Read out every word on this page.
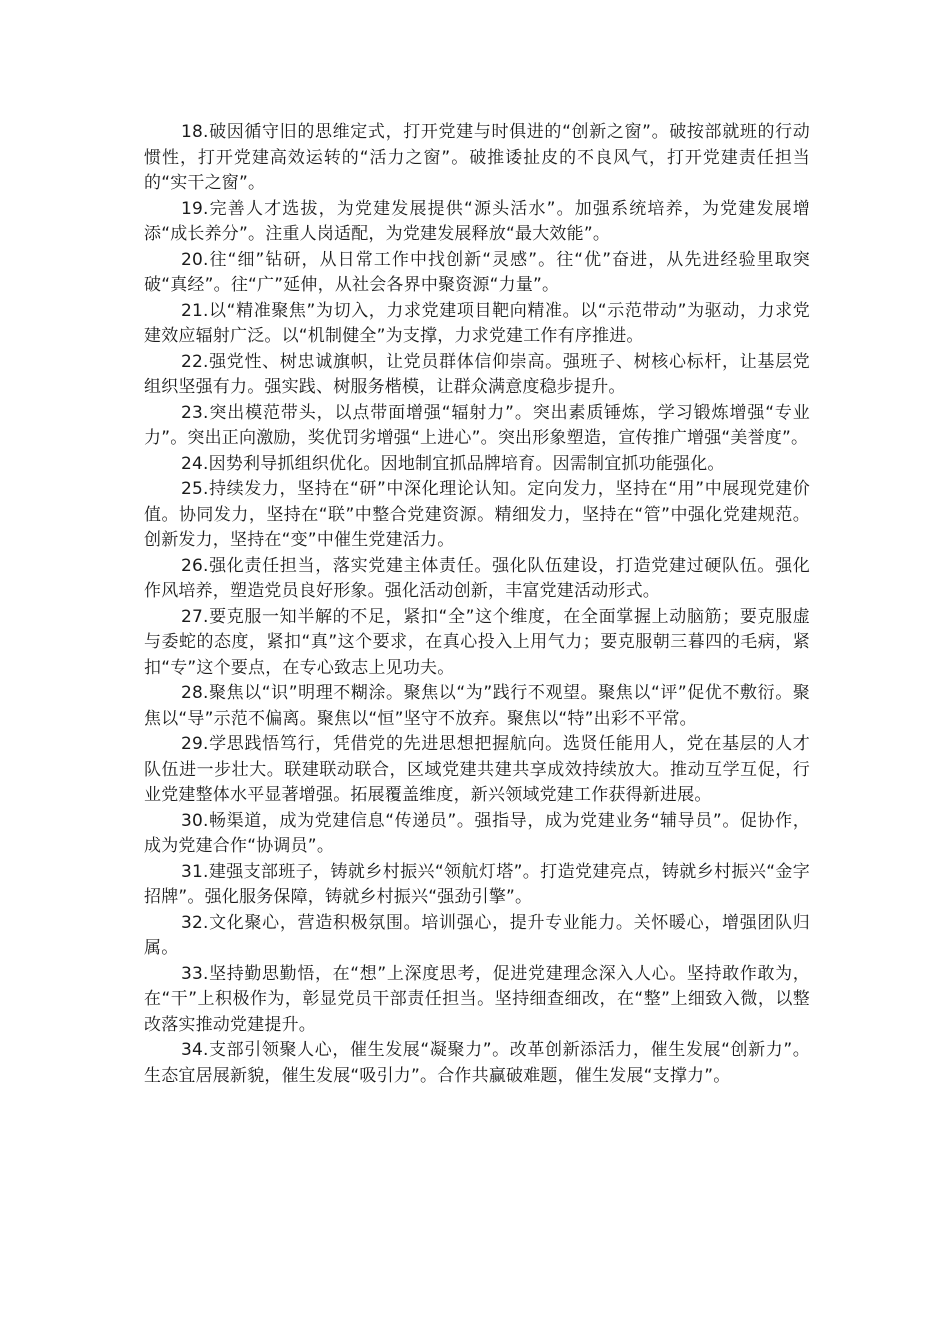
18.破因循守旧的思维定式，打开党建与时俱进的“创新之窗”。破按部就班的行动惯性，打开党建高效运转的“活力之窗”。破推诿扯皮的不良风气，打开党建责任担当的“实干之窗”。

19.完善人才选拔，为党建发展提供“源头活水”。加强系统培养，为党建发展增添“成长养分”。注重人岗适配，为党建发展释放“最大效能”。

20.往“细”钻研，从日常工作中找创新“灵感”。往“优”奋进，从先进经验里取突破“真经”。往“广”延伸，从社会各界中聚资源“力量”。

21.以“精准聚焦”为切入，力求党建项目靶向精准。以“示范带动”为驱动，力求党建效应辐射广泛。以“机制健全”为支撑，力求党建工作有序推进。

22.强党性、树忠诚旗帜，让党员群体信仰崇高。强班子、树核心标杆，让基层党组织坚强有力。强实践、树服务楷模，让群众满意度稳步提升。

23.突出模范带头，以点带面增强“辐射力”。突出素质锤炼，学习锻炼增强“专业力”。突出正向激励，奖优罚劣增强“上进心”。突出形象塑造，宣传推广增强“美誉度”。

24.因势利导抓组织优化。因地制宜抓品牌培育。因需制宜抓功能强化。

25.持续发力，坚持在“研”中深化理论认知。定向发力，坚持在“用”中展现党建价值。协同发力，坚持在“联”中整合党建资源。精细发力，坚持在“管”中强化党建规范。创新发力，坚持在“变”中催生党建活力。

26.强化责任担当，落实党建主体责任。强化队伍建设，打造党建过硬队伍。强化作风培养，塑造党员良好形象。强化活动创新，丰富党建活动形式。

27.要克服一知半解的不足，紧扣“全”这个维度，在全面掌握上动脑筋；要克服虚与委蛇的态度，紧扣“真”这个要求，在真心投入上用气力；要克服朝三暮四的毛病，紧扣“专”这个要点，在专心致志上见功夫。

28.聚焦以“识”明理不糊涂。聚焦以“为”践行不观望。聚焦以“评”促优不敷衍。聚焦以“导”示范不偏离。聚焦以“恒”坚守不放弃。聚焦以“特”出彩不平常。

29.学思践悟笃行，凭借党的先进思想把握航向。选贤任能用人，党在基层的人才队伍进一步壮大。联建联动联合，区域党建共建共享成效持续放大。推动互学互促，行业党建整体水平显著增强。拓展覆盖维度，新兴领域党建工作获得新进展。

30.畅渠道，成为党建信息“传递员”。强指导，成为党建业务“辅导员”。促协作，成为党建合作“协调员”。

31.建强支部班子，铸就乡村振兴“领航灯塔”。打造党建亮点，铸就乡村振兴“金字招牌”。强化服务保障，铸就乡村振兴“强劲引擎”。

32.文化聚心，营造积极氛围。培训强心，提升专业能力。关怀暖心，增强团队归属。

33.坚持勤思勤悟，在“想”上深度思考，促进党建理念深入人心。坚持敢作敢为，在“干”上积极作为，彰显党员干部责任担当。坚持细查细改，在“整”上细致入微，以整改落实推动党建提升。

34.支部引领聚人心，催生发展“凝聚力”。改革创新添活力，催生发展“创新力”。生态宜居展新貌，催生发展“吸引力”。合作共赢破难题，催生发展“支撑力”。
